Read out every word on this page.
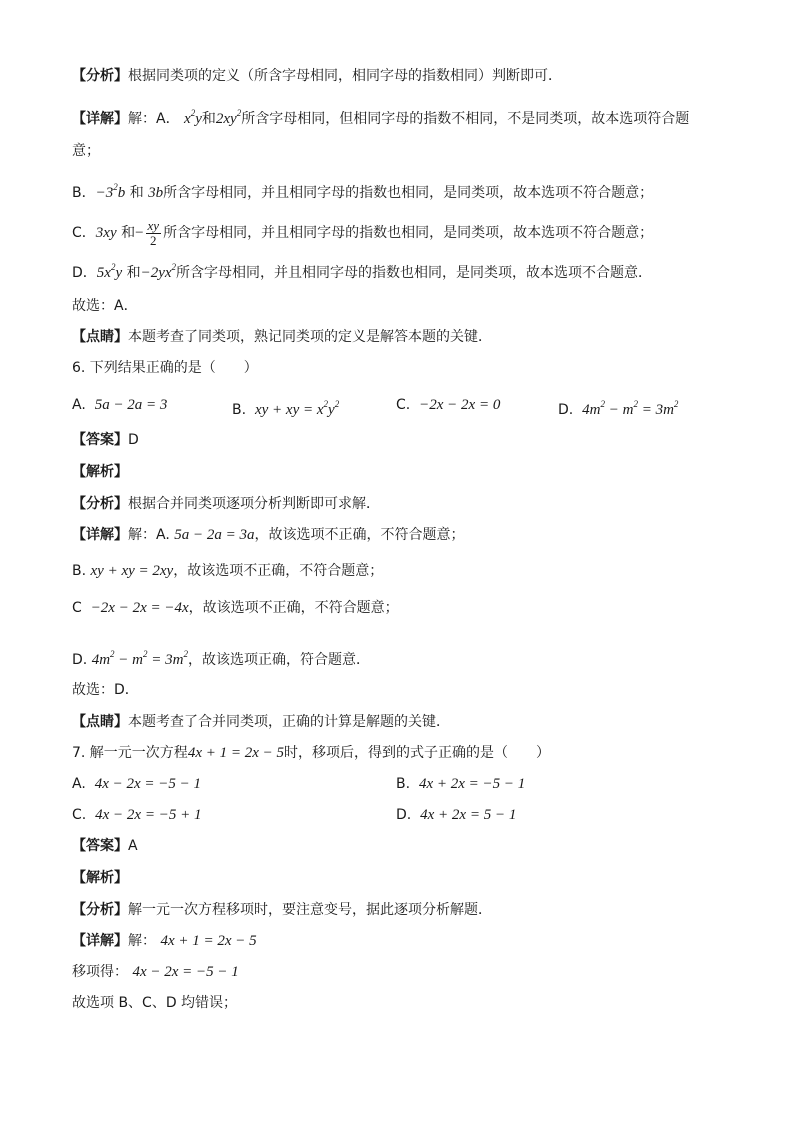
【分析】根据同类项的定义（所含字母相同，相同字母的指数相同）判断即可．
【详解】解：A． $x^2y$和$2xy^2$所含字母相同，但相同字母的指数不相同，不是同类项，故本选项符合题
意；
B．$-3^2b$ 和 3b所含字母相同，并且相同字母的指数也相同，是同类项，故本选项不符合题意；
C．3xy 和− $\frac{xy}{2}$ 所含字母相同，并且相同字母的指数也相同，是同类项，故本选项不符合题意；
D．$5x^2y$ 和$-2yx^2$所含字母相同，并且相同字母的指数也相同，是同类项，故本选项不合题意．
故选：A．
【点睛】本题考查了同类项，熟记同类项的定义是解答本题的关键．
6. 下列结果正确的是（　　）
A. 5a − 2a = 3	B. xy + xy = $x^2y^2$	C. −2x − 2x = 0	D. $4m^2 - m^2 = 3m^2$
【答案】D
【解析】
【分析】根据合并同类项逐项分析判断即可求解．
【详解】解：A. 5a − 2a = 3a，故该选项不正确，不符合题意；
B. xy + xy = 2xy，故该选项不正确，不符合题意；
C −2x − 2x = −4x，故该选项不正确，不符合题意；
D. $4m^2 - m^2 = 3m^2$，故该选项正确，符合题意．
故选：D．
【点睛】本题考查了合并同类项，正确的计算是解题的关键．
7. 解一元一次方程4x + 1 = 2x − 5时，移项后，得到的式子正确的是（　　）
A. 4x − 2x = −5 − 1	B. 4x + 2x = −5 − 1
C. 4x − 2x = −5 + 1	D. 4x + 2x = 5 − 1
【答案】A
【解析】
【分析】解一元一次方程移项时，要注意变号，据此逐项分析解题．
【详解】解： 4x + 1 = 2x − 5
移项得： 4x − 2x = −5 − 1
故选项 B、C、D 均错误；
